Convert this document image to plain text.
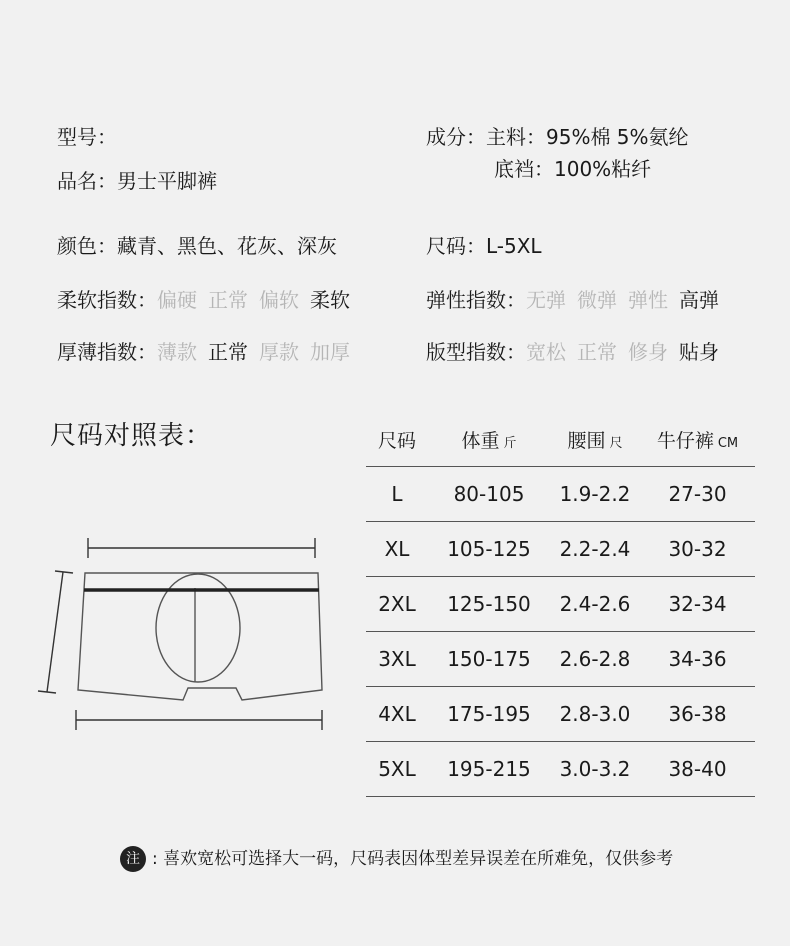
型号：
品名：男士平脚裤
成分：主料：95%棉 5%氨纶
底裆：100%粘纤
颜色：藏青、黑色、花灰、深灰	尺码：L-5XL
柔软指数：偏硬 正常 偏软 柔软	弹性指数：无弹 微弹 弹性 高弹
厚薄指数：薄款 正常 厚款 加厚	版型指数：宽松 正常 修身 贴身
尺码对照表：	尺码	体重 斤	腰围 尺	牛仔裤 CM
L	80-105	1.9-2.2	27-30
XL	105-125	2.2-2.4	30-32
2XL	125-150	2.4-2.6	32-34
3XL	150-175	2.6-2.8	34-36
4XL	175-195	2.8-3.0	36-38
5XL	195-215	3.0-3.2	38-40
注 : 喜欢宽松可选择大一码，尺码表因体型差异误差在所难免，仅供参考
